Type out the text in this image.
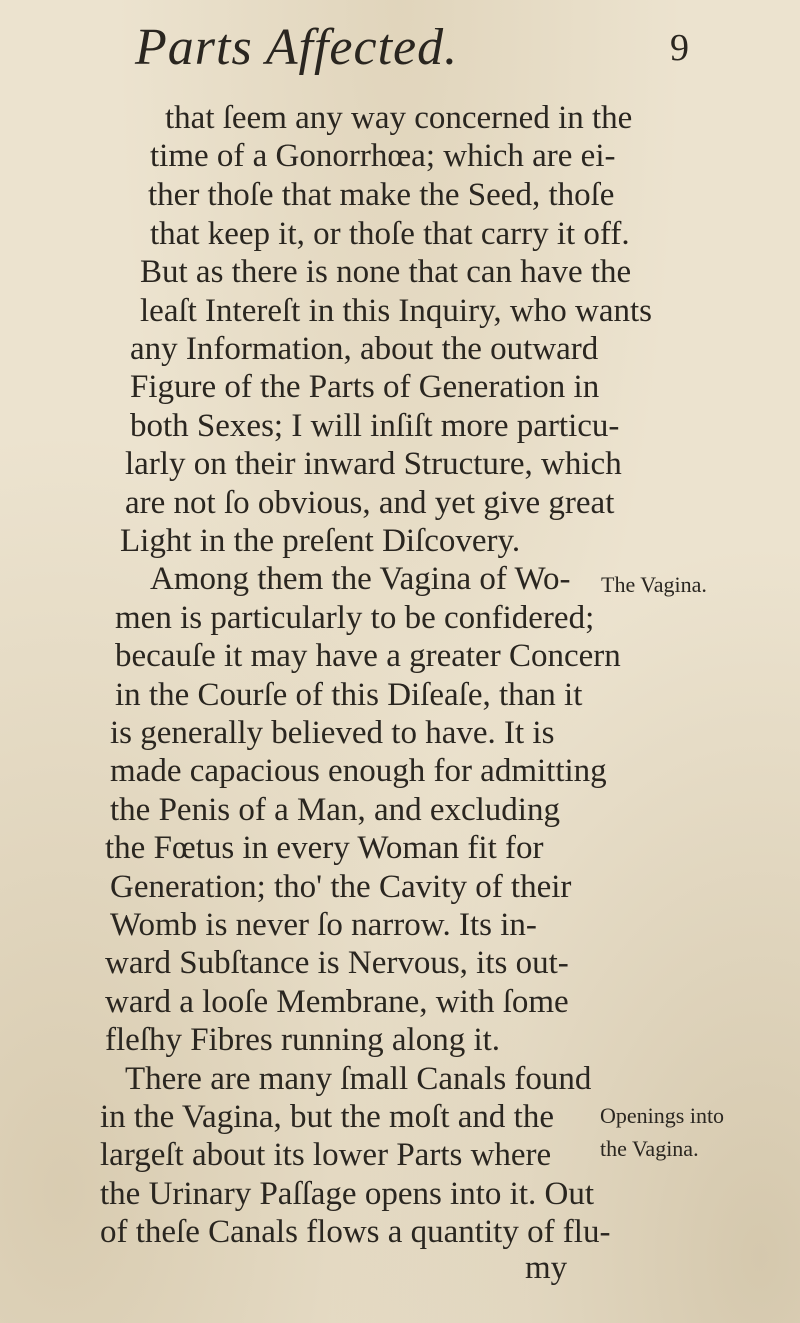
Parts Affected.	9
that ſeem any way concerned in the
time of a Gonorrhœa; which are ei-
ther thoſe that make the Seed, thoſe
that keep it, or thoſe that carry it off.
But as there is none that can have the
leaſt Intereſt in this Inquiry, who wants
any Information, about the outward
Figure of the Parts of Generation in
both Sexes; I will inſiſt more particu-
larly on their inward Structure, which
are not ſo obvious, and yet give great
Light in the preſent Diſcovery.
Among them the Vagina of Wo-
men is particularly to be confidered;
becauſe it may have a greater Concern
in the Courſe of this Diſeaſe, than it
is generally believed to have. It is
made capacious enough for admitting
the Penis of a Man, and excluding
the Fœtus in every Woman fit for
Generation; tho' the Cavity of their
Womb is never ſo narrow. Its in-
ward Subſtance is Nervous, its out-
ward a looſe Membrane, with ſome
fleſhy Fibres running along it.
There are many ſmall Canals found
in the Vagina, but the moſt and the
largeſt about its lower Parts where
the Urinary Paſſage opens into it. Out
of theſe Canals flows a quantity of flu-
my
The Vagina.
Openings into
the Vagina.
